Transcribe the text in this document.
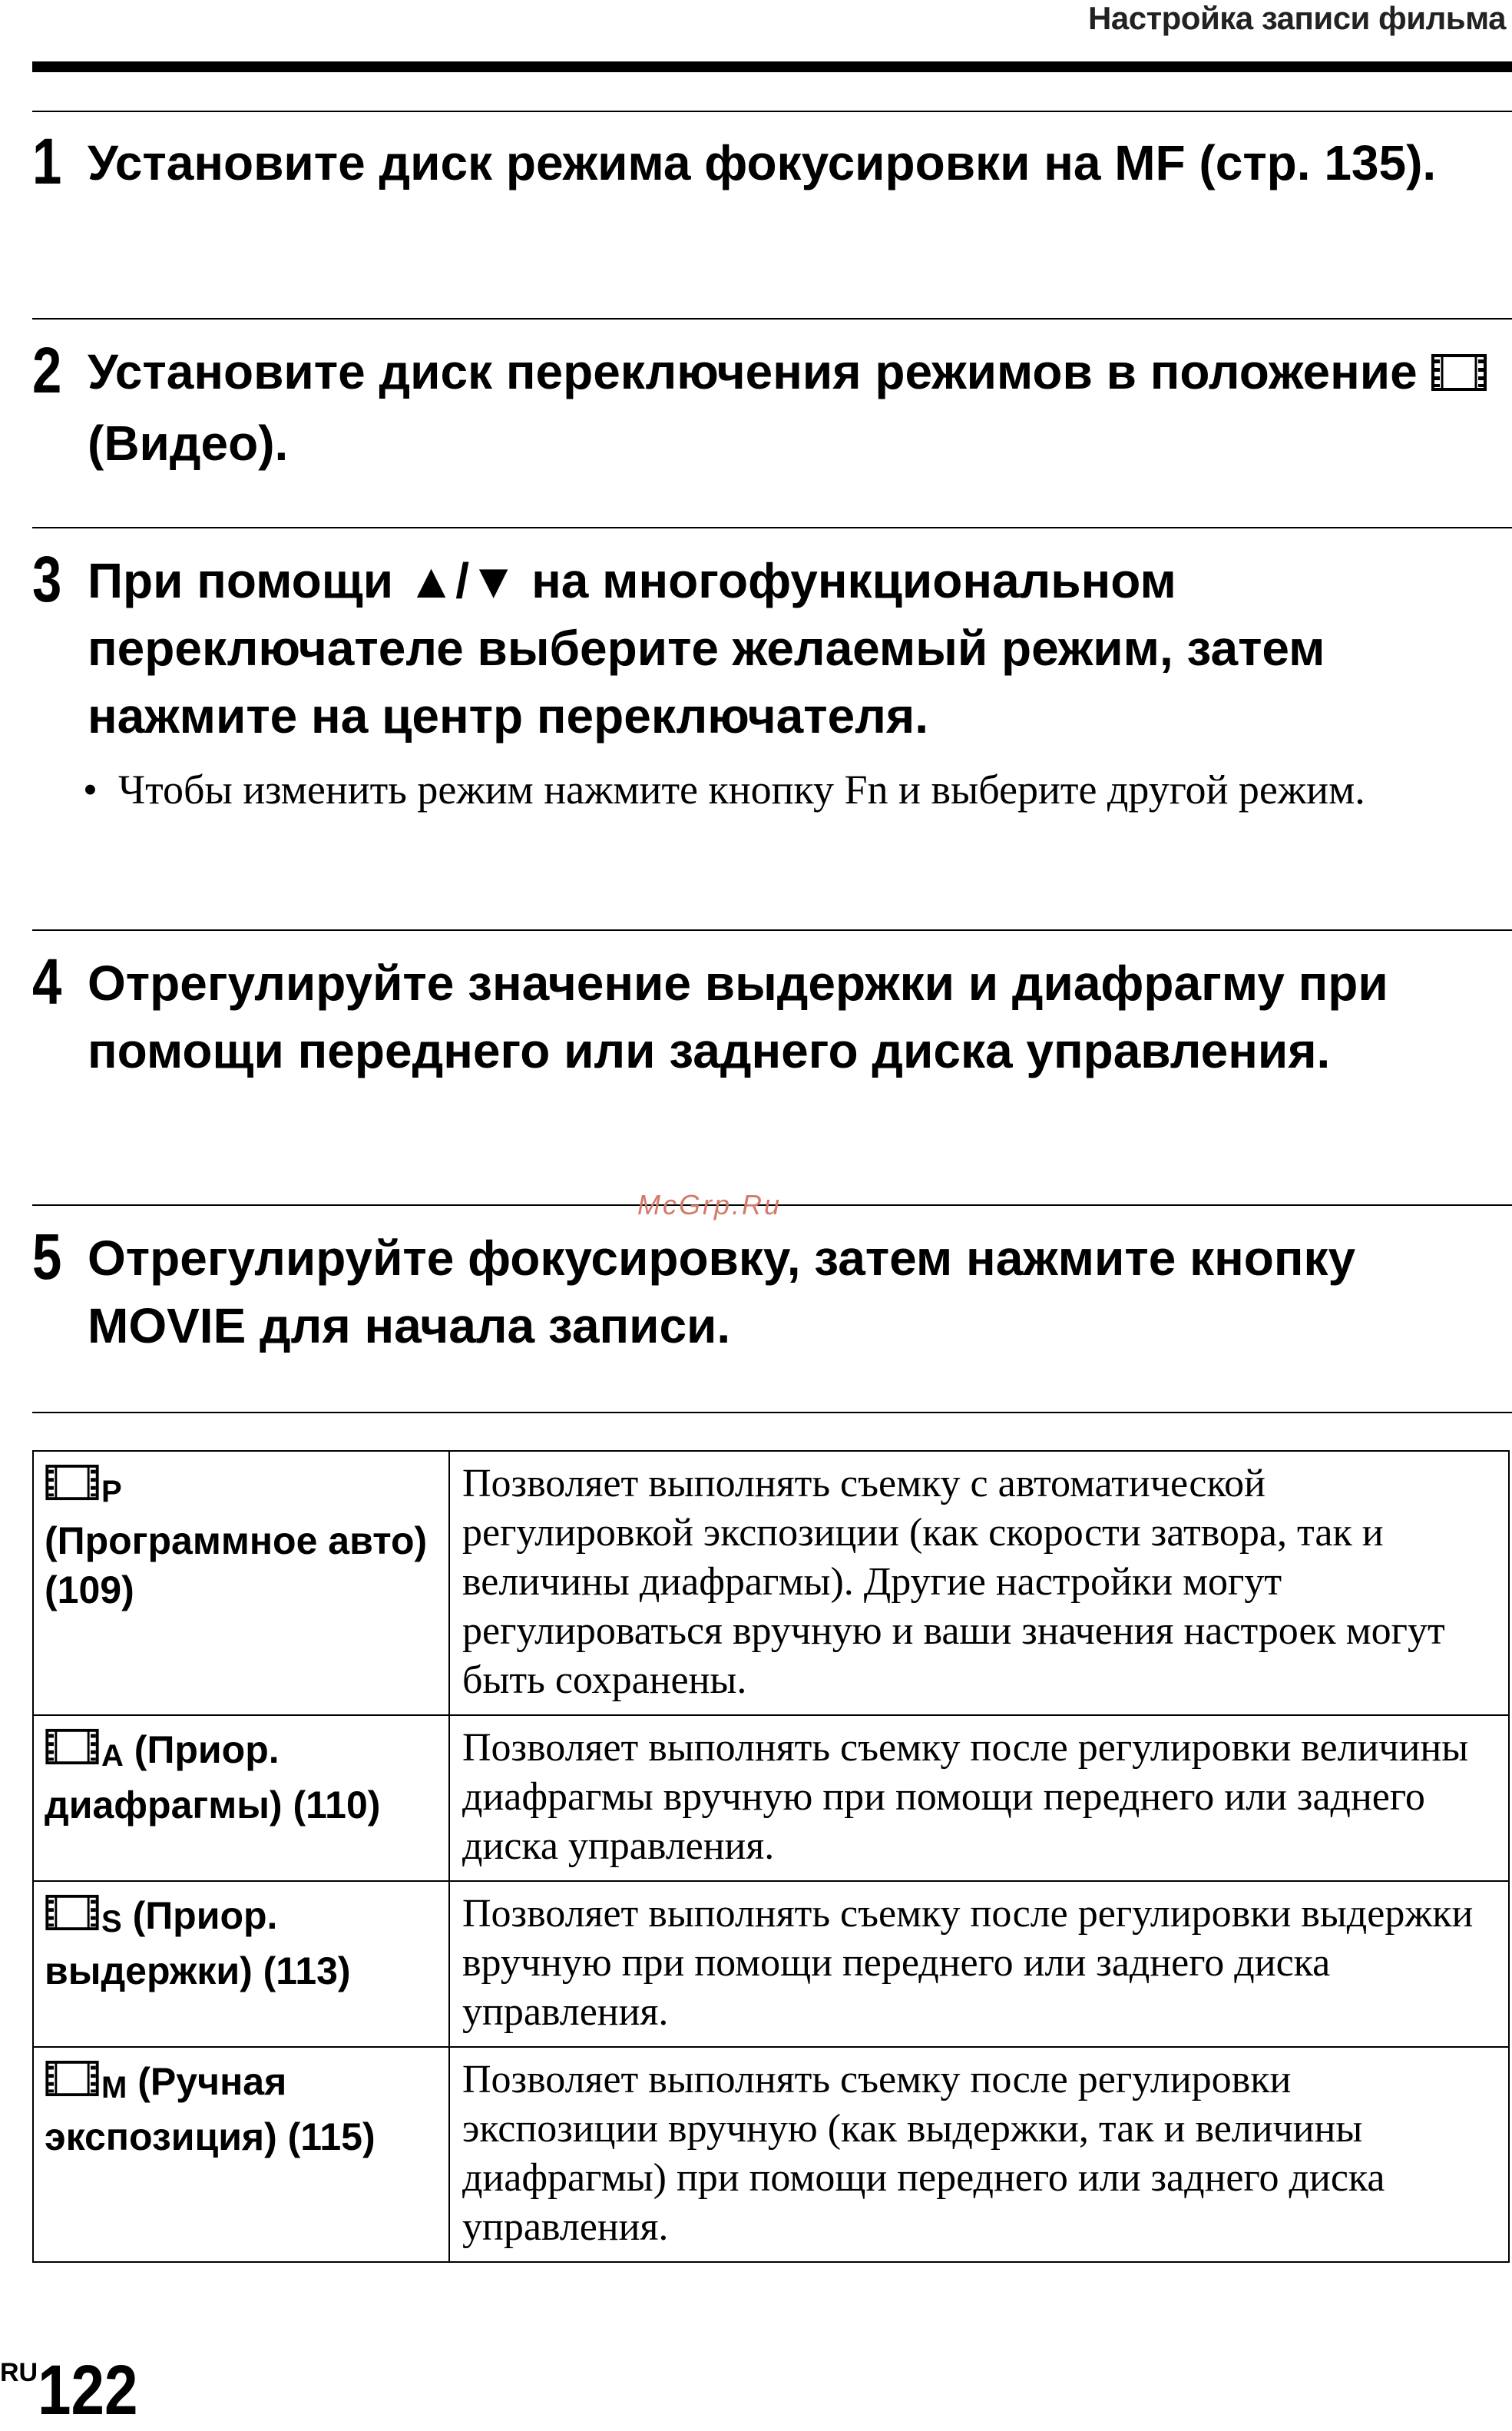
Настройка записи фильма
1 Установите диск режима фокусировки на MF (стр. 135).
2 Установите диск переключения режимов в положение  (Видео).
3 При помощи ▲/▼ на многофункциональном переключателе выберите желаемый режим, затем нажмите на центр переключателя.
• Чтобы изменить режим нажмите кнопку Fn и выберите другой режим.
4 Отрегулируйте значение выдержки и диафрагму при помощи переднего или заднего диска управления.
McGrp.Ru
5 Отрегулируйте фокусировку, затем нажмите кнопку MOVIE для начала записи.
P
(Программное авто) (109)	Позволяет выполнять съемку с автоматической регулировкой экспозиции (как скорости затвора, так и величины диафрагмы). Другие настройки могут регулироваться вручную и ваши значения настроек могут быть сохранены.
A (Приор. диафрагмы) (110)	Позволяет выполнять съемку после регулировки величины диафрагмы вручную при помощи переднего или заднего диска управления.
S (Приор. выдержки) (113)	Позволяет выполнять съемку после регулировки выдержки вручную при помощи переднего или заднего диска управления.
M (Ручная экспозиция) (115)	Позволяет выполнять съемку после регулировки экспозиции вручную (как выдержки, так и величины диафрагмы) при помощи переднего или заднего диска управления.
RU122
